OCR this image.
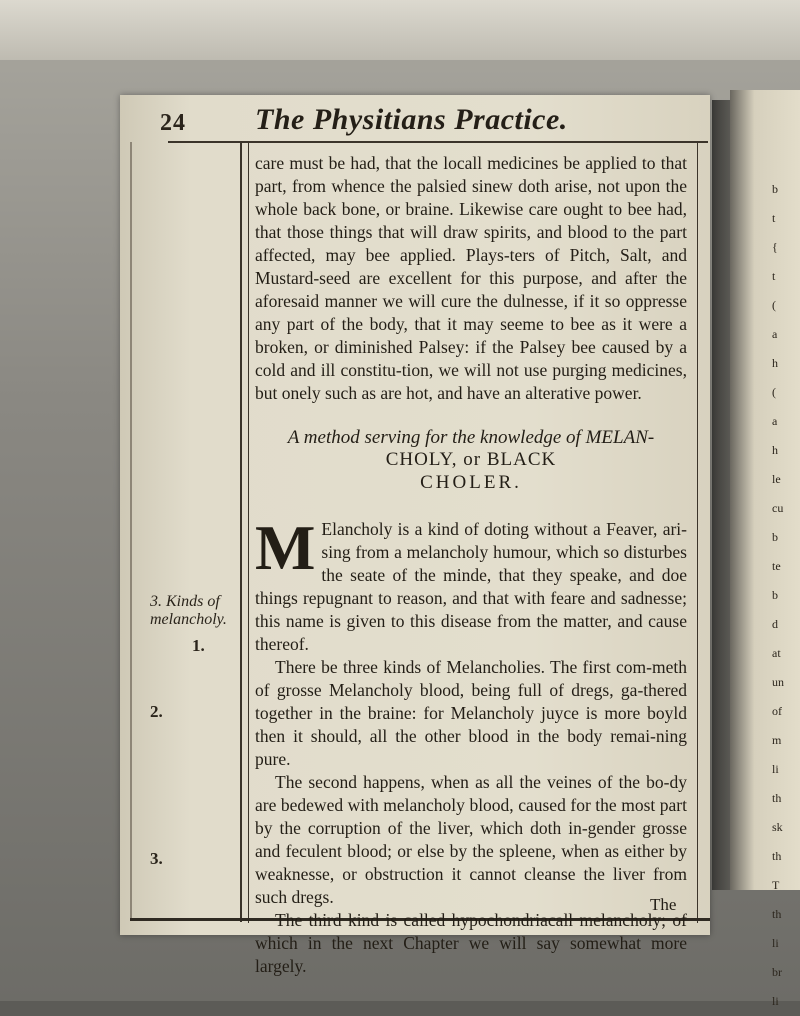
b
t
{
t
(
a
h
(
a
h
le
cu
b
te
b
d
at
un
of
m
li
th
sk
th
T
th
li
br
li
24 The Physitians Practice.

care must be had, that the locall medicines be applied to that part, from whence the palsied sinew doth arise, not upon the whole back bone, or braine. Likewise care ought to bee had, that those things that will draw spirits, and blood to the part affected, may bee applied. Plays-ters of Pitch, Salt, and Mustard-seed are excellent for this purpose, and after the aforesaid manner we will cure the dulnesse, if it so oppresse any part of the body, that it may seeme to bee as it were a broken, or diminished Palsey: if the Palsey bee caused by a cold and ill constitu-tion, we will not use purging medicines, but onely such as are hot, and have an alterative power.

A method serving for the knowledge of MELAN-
CHOLY, or BLACK

CHOLER.

M Elancholy is a kind of doting without a Feaver, ari-sing from a melancholy humour, which so disturbes the seate of the minde, that they speake, and doe things repugnant to reason, and that with feare and sadnesse; this name is given to this disease from the matter, and cause thereof.

There be three kinds of Melancholies. The first com-meth of grosse Melancholy blood, being full of dregs, ga-thered together in the braine: for Melancholy juyce is more boyld then it should, all the other blood in the body remai-ning pure.

The second happens, when as all the veines of the bo-dy are bedewed with melancholy blood, caused for the most part by the corruption of the liver, which doth in-gender grosse and feculent blood; or else by the spleene, when as either by weaknesse, or obstruction it cannot cleanse the liver from such dregs.

The third kind is called hypochondriacall melancholy; of which in the next Chapter we will say somewhat more largely.

3. Kinds of melancholy.
1.
2.
3.
The
